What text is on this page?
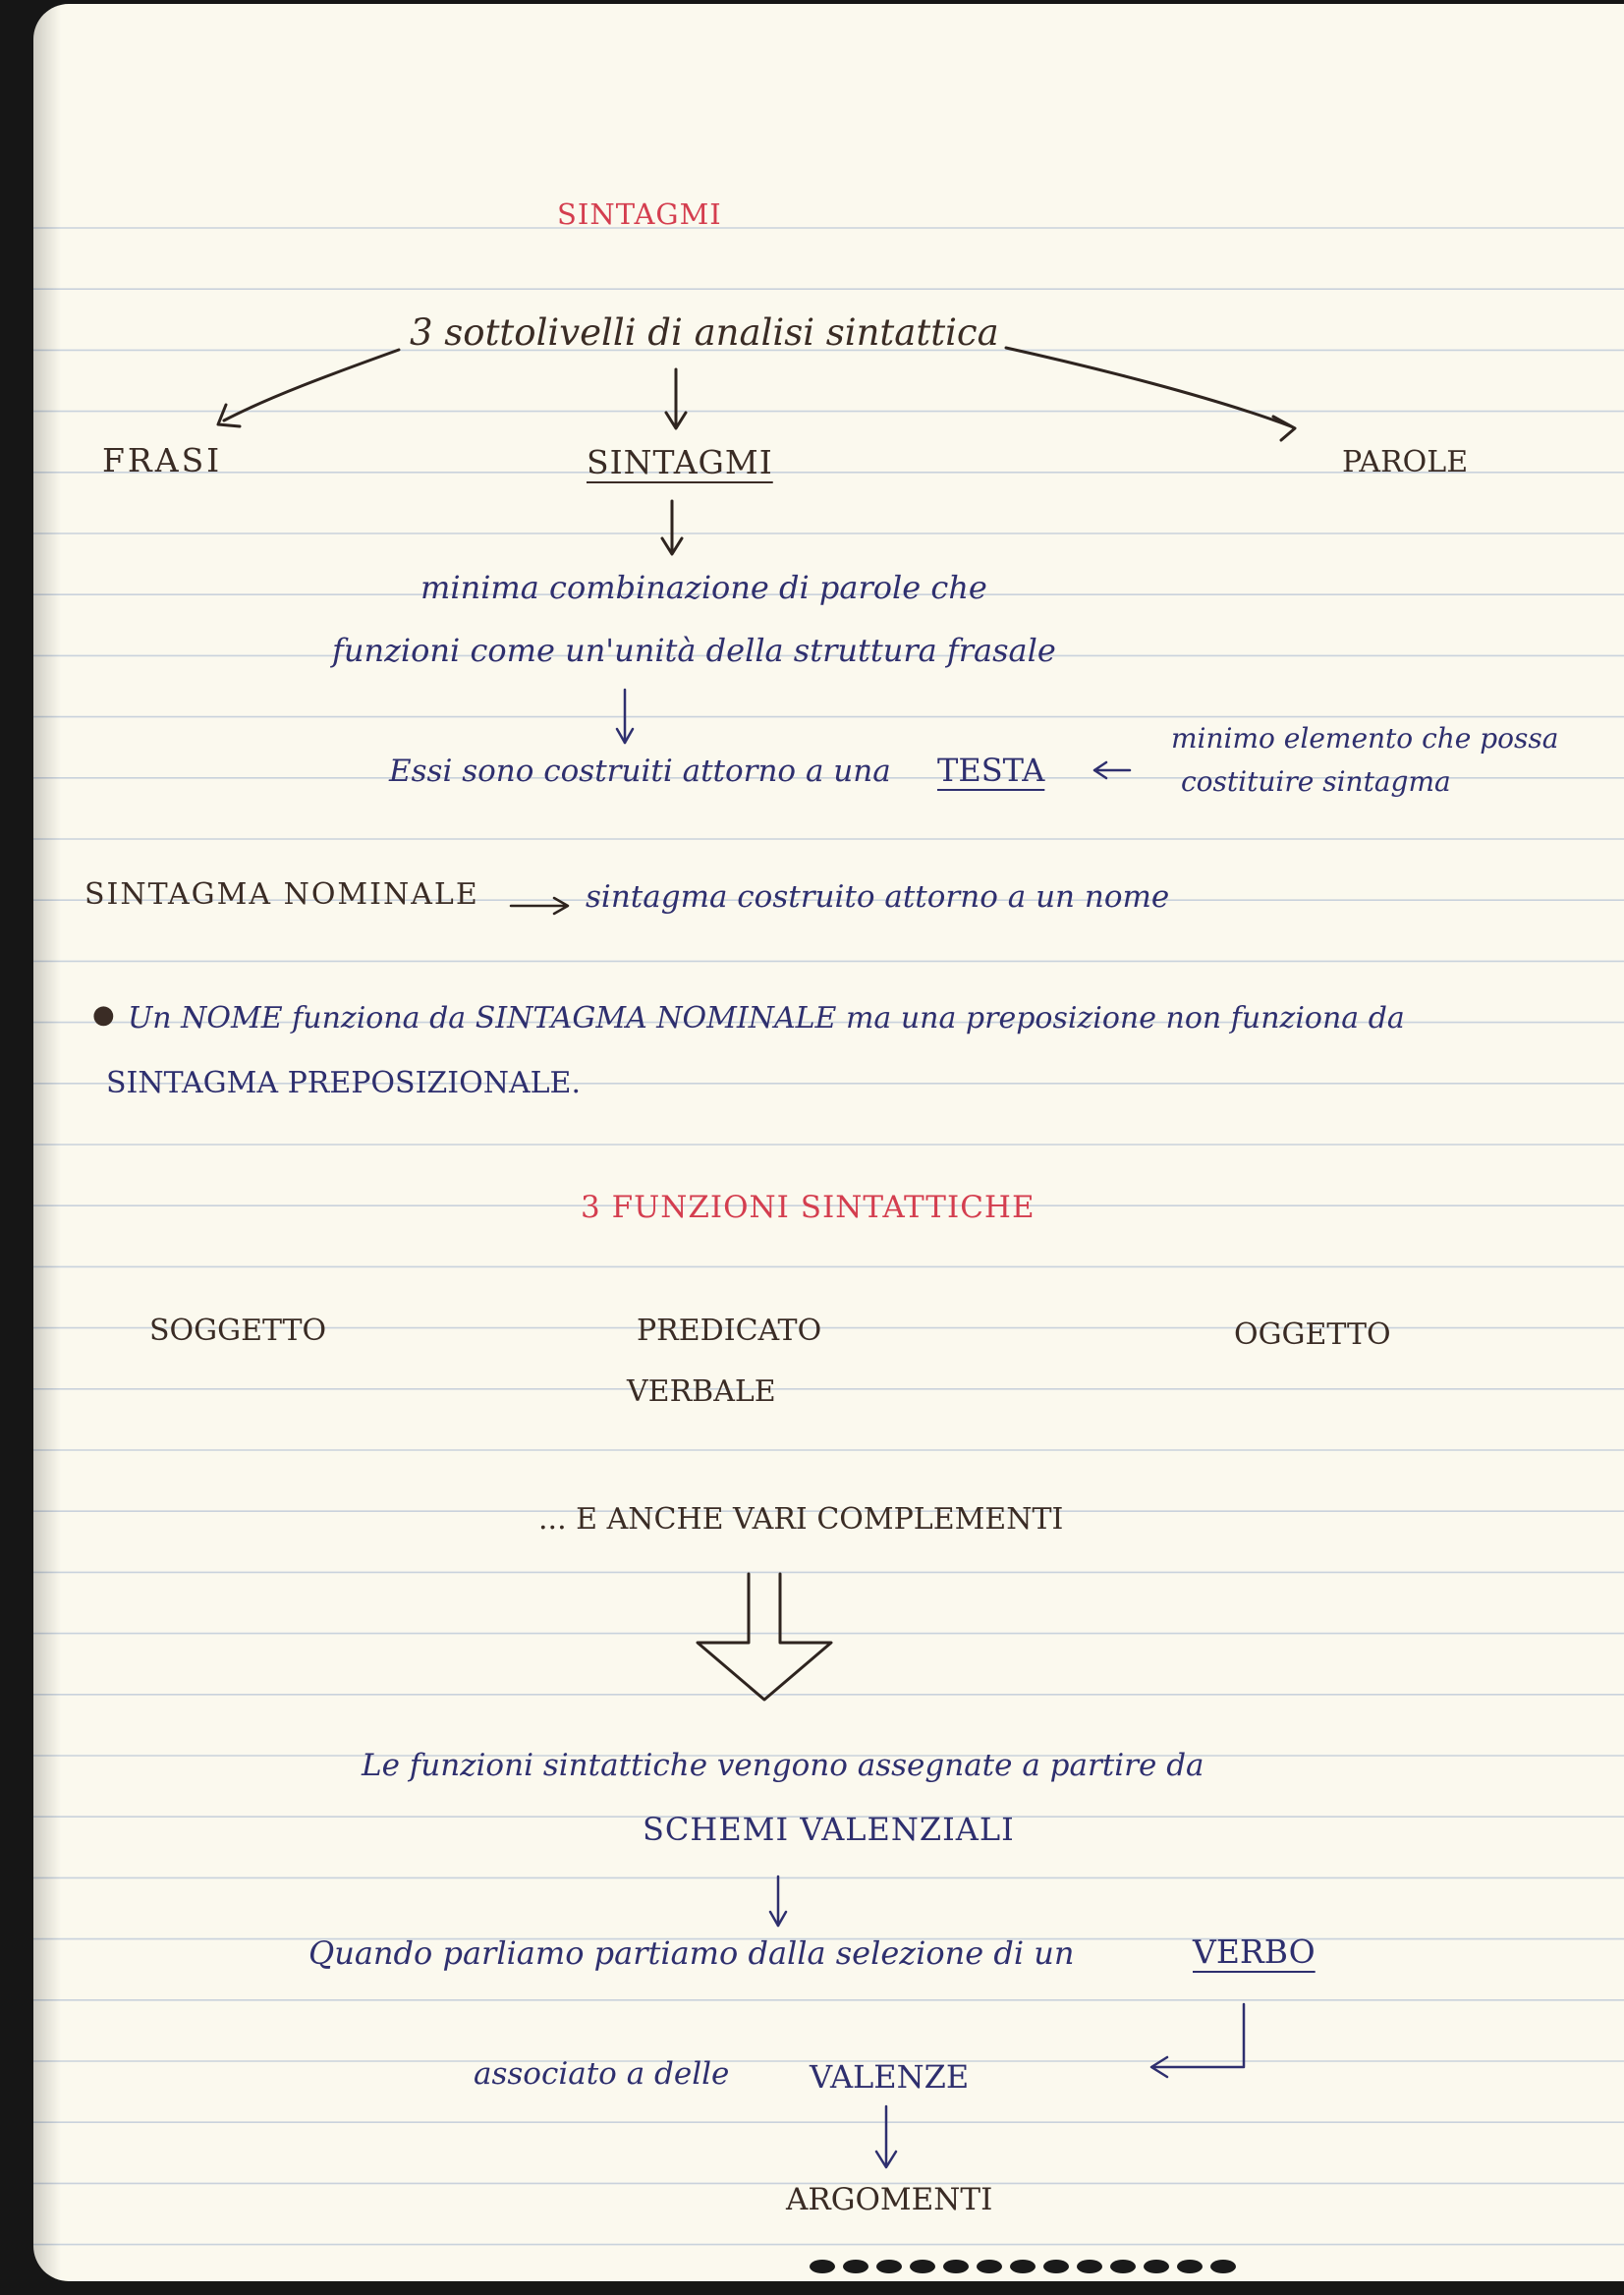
SINTAGMI
3 sottolivelli di analisi sintattica
FRASI	SINTAGMI	PAROLE
minima combinazione di parole che
funzioni come un'unità della struttura frasale
Essi sono costruiti attorno a una TESTA
minimo elemento che possa
costituire sintagma
SINTAGMA NOMINALE	sintagma costruito attorno a un nome
● Un NOME funziona da SINTAGMA NOMINALE ma una preposizione non funziona da
SINTAGMA PREPOSIZIONALE.
3 FUNZIONI SINTATTICHE
SOGGETTO	PREDICATO
VERBALE
OGGETTO
... E ANCHE VARI COMPLEMENTI
Le funzioni sintattiche vengono assegnate a partire da
SCHEMI VALENZIALI
Quando parliamo partiamo dalla selezione di un	VERBO
associato a delle	VALENZE
ARGOMENTI
